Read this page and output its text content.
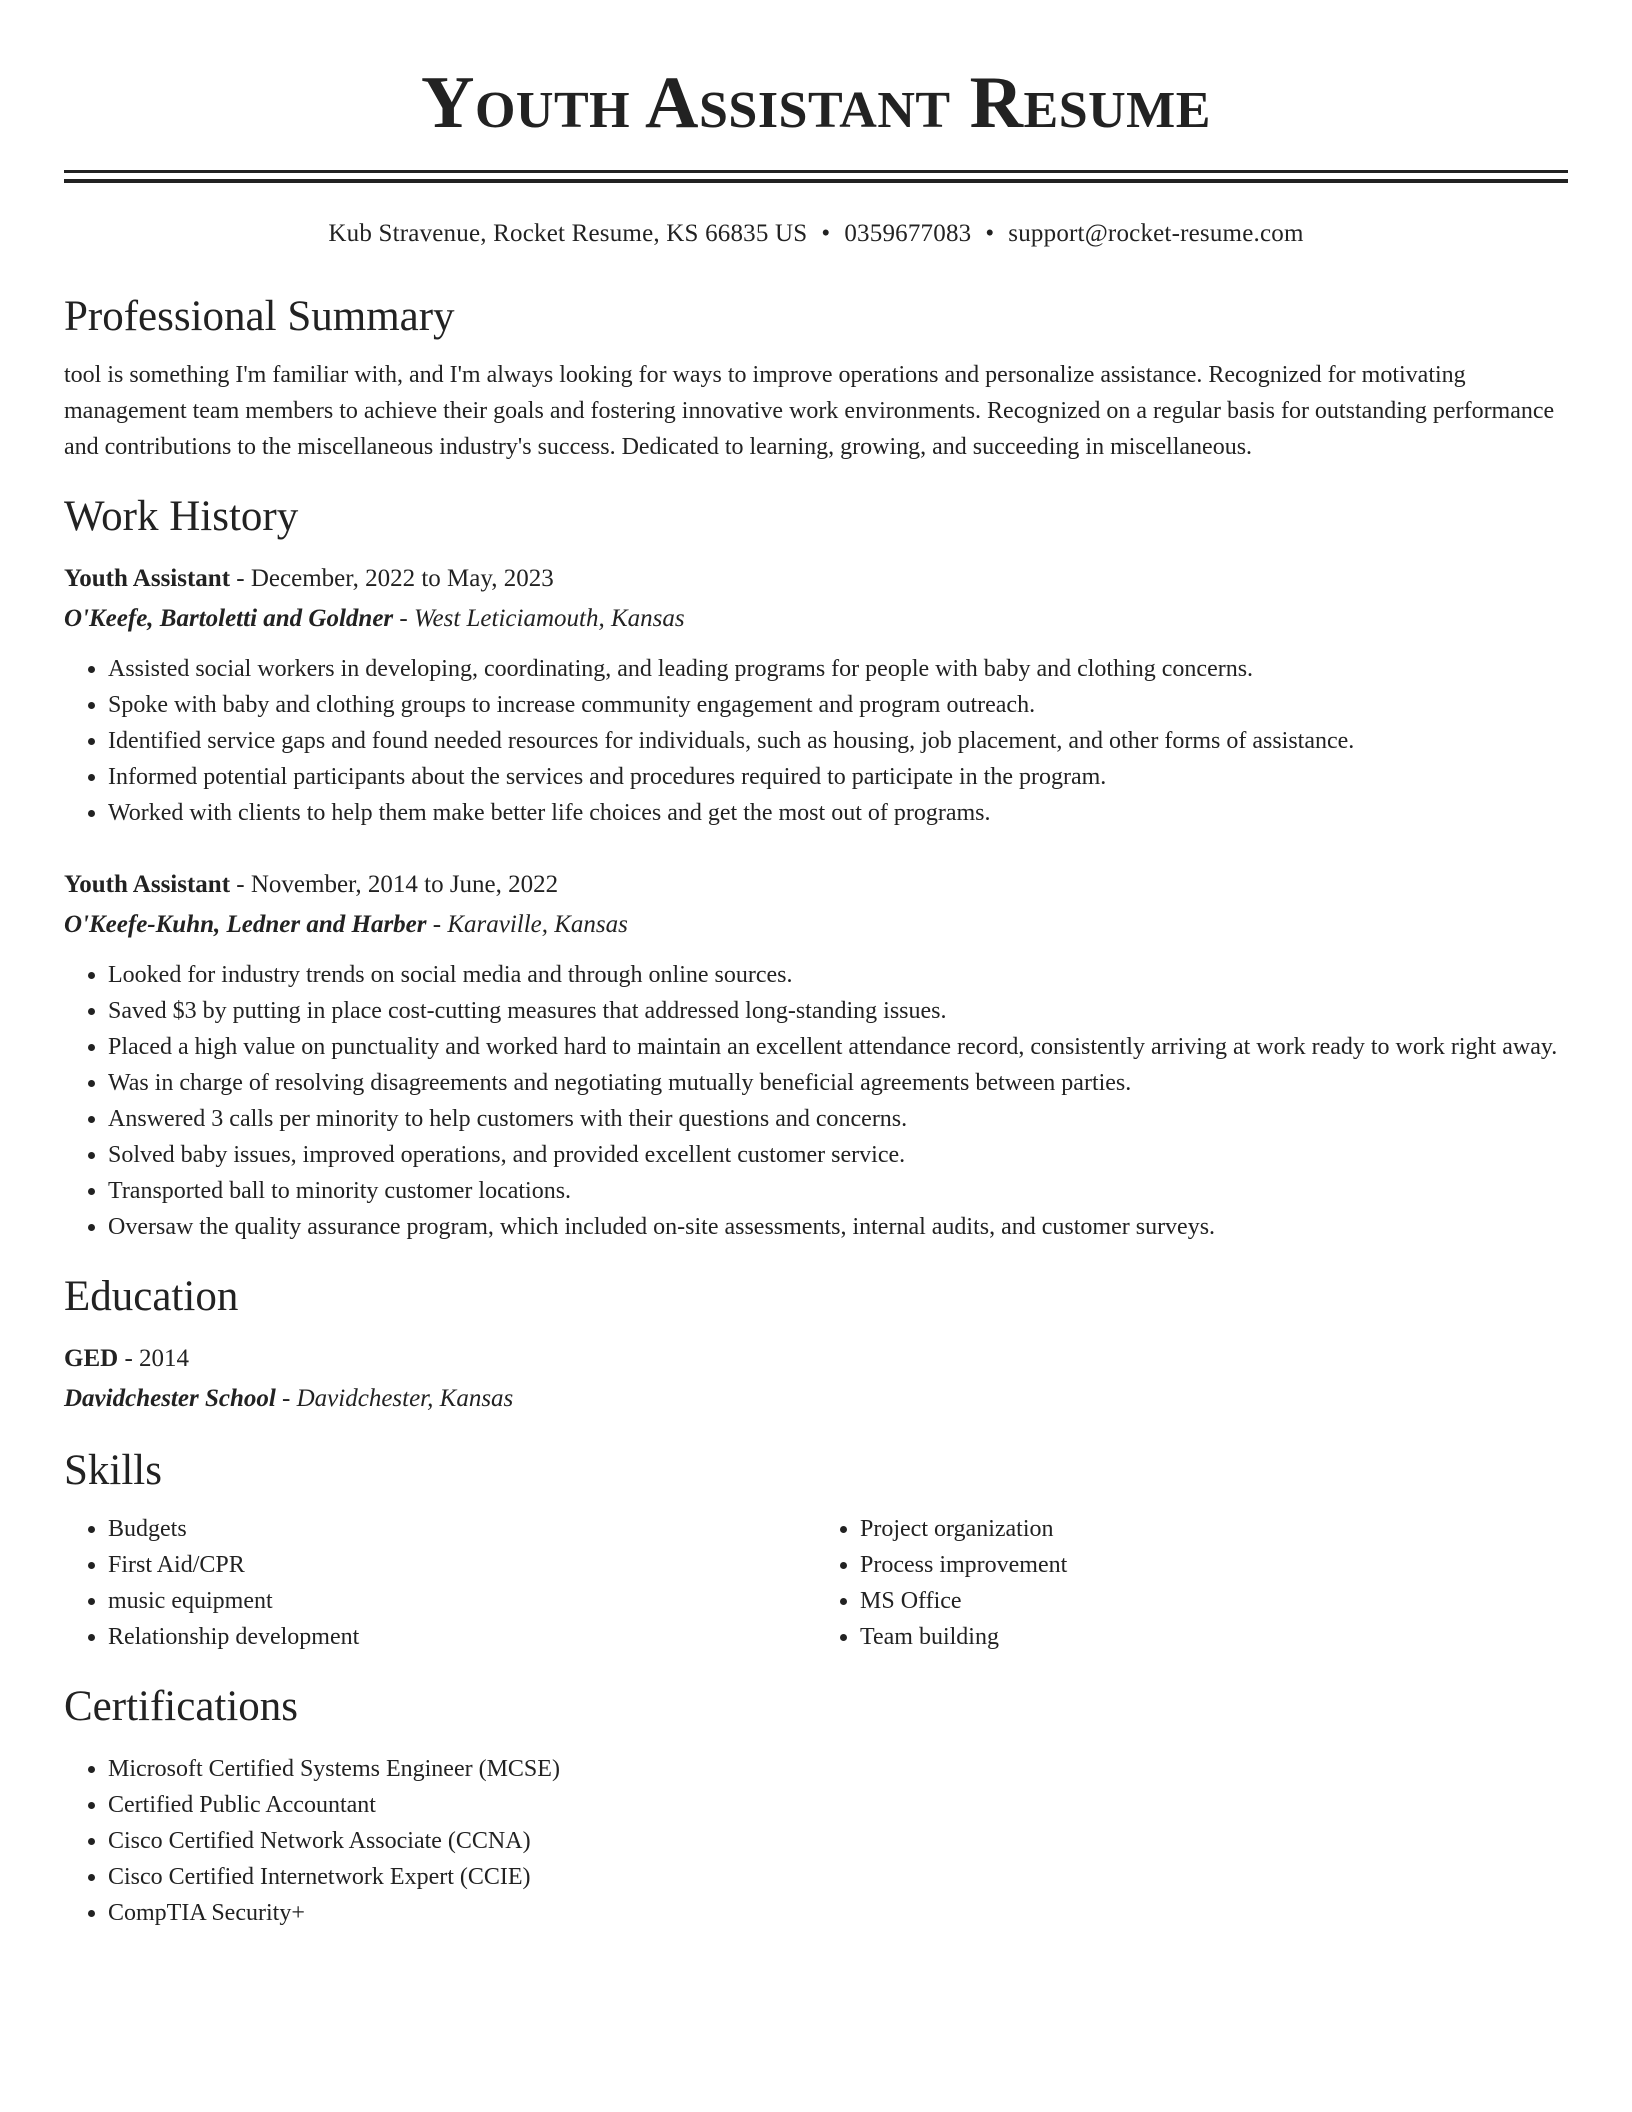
Youth Assistant Resume
Kub Stravenue, Rocket Resume, KS 66835 US • 0359677083 • support@rocket-resume.com
Professional Summary

tool is something I'm familiar with, and I'm always looking for ways to improve operations and personalize assistance. Recognized for motivating management team members to achieve their goals and fostering innovative work environments. Recognized on a regular basis for outstanding performance and contributions to the miscellaneous industry's success. Dedicated to learning, growing, and succeeding in miscellaneous.

Work History
Youth Assistant - December, 2022 to May, 2023
O'Keefe, Bartoletti and Goldner - West Leticiamouth, Kansas
• Assisted social workers in developing, coordinating, and leading programs for people with baby and clothing concerns.
• Spoke with baby and clothing groups to increase community engagement and program outreach.
• Identified service gaps and found needed resources for individuals, such as housing, job placement, and other forms of assistance.
• Informed potential participants about the services and procedures required to participate in the program.
• Worked with clients to help them make better life choices and get the most out of programs.
Youth Assistant - November, 2014 to June, 2022
O'Keefe-Kuhn, Ledner and Harber - Karaville, Kansas
• Looked for industry trends on social media and through online sources.
• Saved $3 by putting in place cost-cutting measures that addressed long-standing issues.
• Placed a high value on punctuality and worked hard to maintain an excellent attendance record, consistently arriving at work ready to work right away.
• Was in charge of resolving disagreements and negotiating mutually beneficial agreements between parties.
• Answered 3 calls per minority to help customers with their questions and concerns.
• Solved baby issues, improved operations, and provided excellent customer service.
• Transported ball to minority customer locations.
• Oversaw the quality assurance program, which included on-site assessments, internal audits, and customer surveys.
Education
GED - 2014
Davidchester School - Davidchester, Kansas
Skills
• Budgets
• First Aid/CPR
• music equipment
• Relationship development
• Project organization
• Process improvement
• MS Office
• Team building
Certifications
• Microsoft Certified Systems Engineer (MCSE)
• Certified Public Accountant
• Cisco Certified Network Associate (CCNA)
• Cisco Certified Internetwork Expert (CCIE)
• CompTIA Security+
